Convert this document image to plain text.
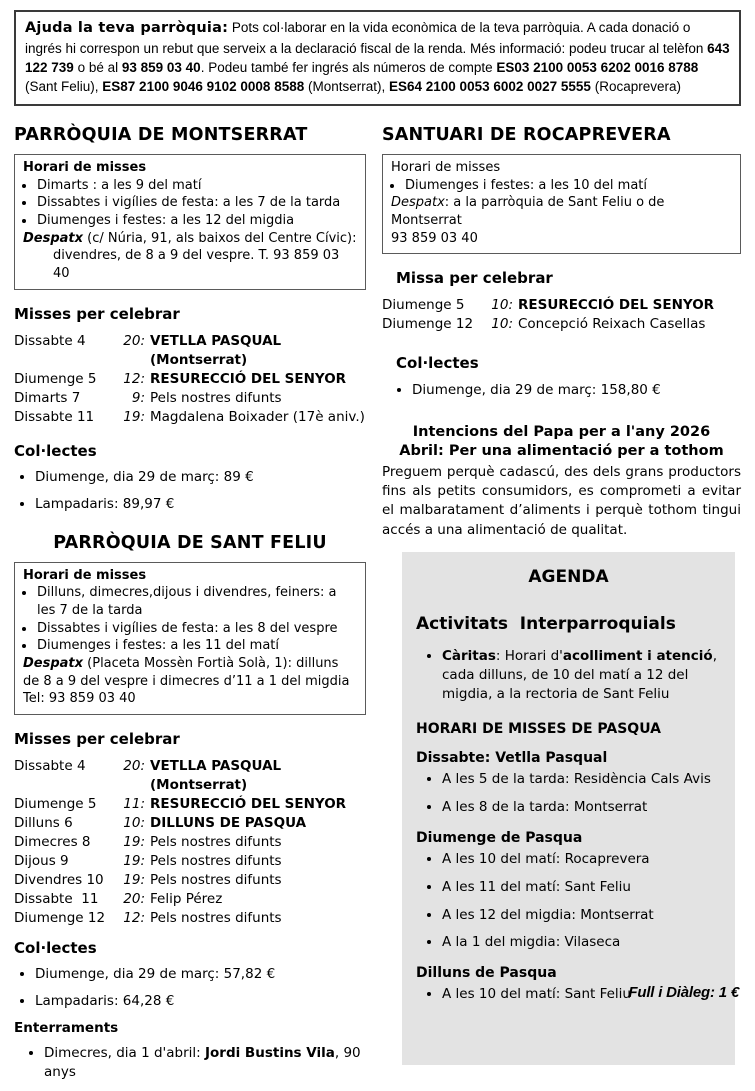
Ajuda la teva parròquia: Pots col·laborar en la vida econòmica de la teva parròquia. A cada donació o ingrés hi correspon un rebut que serveix a la declaració fiscal de la renda. Més informació: podeu trucar al telèfon 643 122 739 o bé al 93 859 03 40. Podeu també fer ingrés als números de compte ES03 2100 0053 6202 0016 8788 (Sant Feliu), ES87 2100 9046 9102 0008 8588 (Montserrat), ES64 2100 0053 6002 0027 5555 (Rocaprevera)
PARRÒQUIA DE MONTSERRAT
Horari de misses
• Dimarts : a les 9 del matí
• Dissabtes i vigílies de festa: a les 7 de la tarda
• Diumenges i festes: a les 12 del migdia
Despatx (c/ Núria, 91, als baixos del Centre Cívic):
divendres, de 8 a 9 del vespre. T. 93 859 03 40
Misses per celebrar
Dissabte 4	20: VETLLA PASQUAL (Montserrat)
Diumenge 5	12: RESURECCIÓ DEL SENYOR
Dimarts 7	9: Pels nostres difunts
Dissabte 11	19: Magdalena Boixader (17è aniv.)
Col·lectes
• Diumenge, dia 29 de març: 89 €
• Lampadaris: 89,97 €
PARRÒQUIA DE SANT FELIU
Horari de misses
• Dilluns, dimecres,dijous i divendres, feiners: a les 7 de la tarda
• Dissabtes i vigílies de festa: a les 8 del vespre
• Diumenges i festes: a les 11 del matí
Despatx (Placeta Mossèn Fortià Solà, 1): dilluns de 8 a 9 del vespre i dimecres d’11 a 1 del migdia
Tel: 93 859 03 40
Misses per celebrar
Dissabte 4	20: VETLLA PASQUAL (Montserrat)
Diumenge 5	11: RESURECCIÓ DEL SENYOR
Dilluns 6	10: DILLUNS DE PASQUA
Dimecres 8	19: Pels nostres difunts
Dijous 9	19: Pels nostres difunts
Divendres 10	19: Pels nostres difunts
Dissabte  11	20: Felip Pérez
Diumenge 12	12: Pels nostres difunts
Col·lectes
• Diumenge, dia 29 de març: 57,82 €
• Lampadaris: 64,28 €
Enterraments
• Dimecres, dia 1 d'abril: Jordi Bustins Vila, 90 anys
SANTUARI DE ROCAPREVERA
Horari de misses
• Diumenges i festes: a les 10 del matí
Despatx: a la parròquia de Sant Feliu o de Montserrat
93 859 03 40
Missa per celebrar
Diumenge 5	10: RESURECCIÓ DEL SENYOR
Diumenge 12	10: Concepció Reixach Casellas
Col·lectes
• Diumenge, dia 29 de març: 158,80 €
Intencions del Papa per a l'any 2026
Abril: Per una alimentació per a tothom
Preguem perquè cadascú, des dels grans productors fins als petits consumidors, es comprometi a evitar el malbaratament d’aliments i perquè tothom tingui accés a una alimentació de qualitat.
AGENDA
Activitats  Interparroquials
• Càritas: Horari d'acolliment i atenció, cada dilluns, de 10 del matí a 12 del migdia, a la rectoria de Sant Feliu
HORARI DE MISSES DE PASQUA
Dissabte: Vetlla Pasqual
• A les 5 de la tarda: Residència Cals Avis
• A les 8 de la tarda: Montserrat
Diumenge de Pasqua
• A les 10 del matí: Rocaprevera
• A les 11 del matí: Sant Feliu
• A les 12 del migdia: Montserrat
• A la 1 del migdia: Vilaseca
Dilluns de Pasqua
• A les 10 del matí: Sant Feliu
Full i Diàleg: 1 €
